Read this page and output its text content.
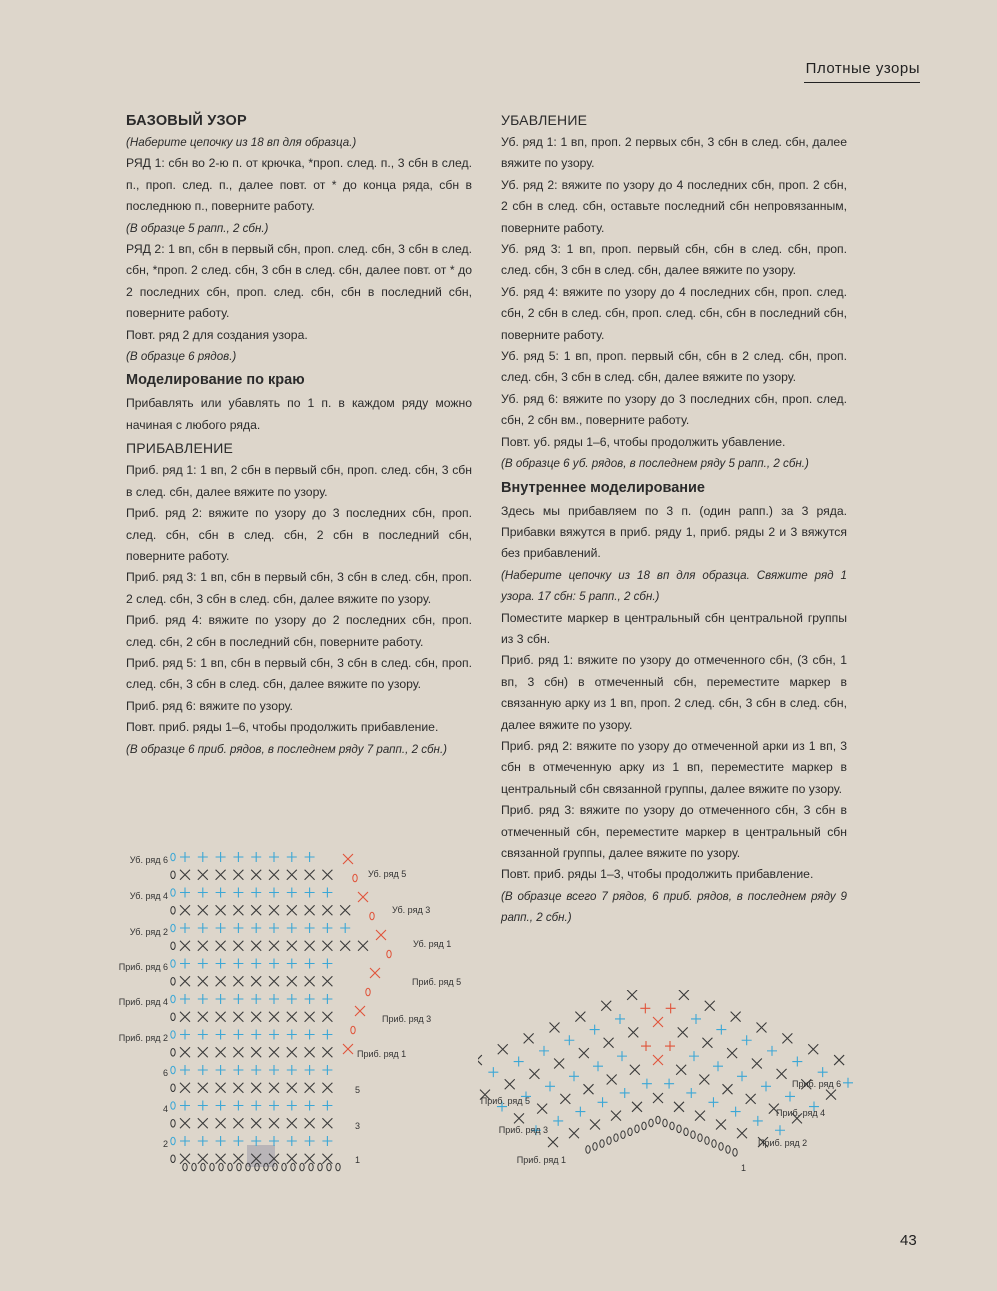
Плотные узоры

БАЗОВЫЙ УЗОР

(Наберите цепочку из 18 вп для образца.)

РЯД 1: сбн во 2-ю п. от крючка, *проп. след. п., 3 сбн в след. п., проп. след. п., далее повт. от * до конца ряда, сбн в последнюю п., поверните работу.

(В образце 5 рапп., 2 сбн.)

РЯД 2: 1 вп, сбн в первый сбн, проп. след. сбн, 3 сбн в след. сбн, *проп. 2 след. сбн, 3 сбн в след. сбн, далее повт. от * до 2 последних сбн, проп. след. сбн, сбн в последний сбн, поверните работу.

Повт. ряд 2 для создания узора.

(В образце 6 рядов.)

Моделирование по краю

Прибавлять или убавлять по 1 п. в каждом ряду можно начиная с любого ряда.

ПРИБАВЛЕНИЕ

Приб. ряд 1: 1 вп, 2 сбн в первый сбн, проп. след. сбн, 3 сбн в след. сбн, далее вяжите по узору.

Приб. ряд 2: вяжите по узору до 3 последних сбн, проп. след. сбн, сбн в след. сбн, 2 сбн в последний сбн, поверните работу.

Приб. ряд 3: 1 вп, сбн в первый сбн, 3 сбн в след. сбн, проп. 2 след. сбн, 3 сбн в след. сбн, далее вяжите по узору.

Приб. ряд 4: вяжите по узору до 2 последних сбн, проп. след. сбн, 2 сбн в последний сбн, поверните работу.

Приб. ряд 5: 1 вп, сбн в первый сбн, 3 сбн в след. сбн, проп. след. сбн, 3 сбн в след. сбн, далее вяжите по узору.

Приб. ряд 6: вяжите по узору.

Повт. приб. ряды 1–6, чтобы продолжить прибавление.

(В образце 6 приб. рядов, в последнем ряду 7 рапп., 2 сбн.)

УБАВЛЕНИЕ

Уб. ряд 1: 1 вп, проп. 2 первых сбн, 3 сбн в след. сбн, далее вяжите по узору.

Уб. ряд 2: вяжите по узору до 4 последних сбн, проп. 2 сбн, 2 сбн в след. сбн, оставьте последний сбн непровязанным, поверните работу.

Уб. ряд 3: 1 вп, проп. первый сбн, сбн в след. сбн, проп. след. сбн, 3 сбн в след. сбн, далее вяжите по узору.

Уб. ряд 4: вяжите по узору до 4 последних сбн, проп. след. сбн, 2 сбн в след. сбн, проп. след. сбн, сбн в последний сбн, поверните работу.

Уб. ряд 5: 1 вп, проп. первый сбн, сбн в 2 след. сбн, проп. след. сбн, 3 сбн в след. сбн, далее вяжите по узору.

Уб. ряд 6: вяжите по узору до 3 последних сбн, проп. след. сбн, 2 сбн вм., поверните работу.

Повт. уб. ряды 1–6, чтобы продолжить убавление.

(В образце 6 уб. рядов, в последнем ряду 5 рапп., 2 сбн.)

Внутреннее моделирование

Здесь мы прибавляем по 3 п. (один рапп.) за 3 ряда. Прибавки вяжутся в приб. ряду 1, приб. ряды 2 и 3 вяжутся без прибавлений.

(Наберите цепочку из 18 вп для образца. Свяжите ряд 1 узора. 17 сбн: 5 рапп., 2 сбн.)

Поместите маркер в центральный сбн центральной группы из 3 сбн.

Приб. ряд 1: вяжите по узору до отмеченного сбн, (3 сбн, 1 вп, 3 сбн) в отмеченный сбн, переместите маркер в связанную арку из 1 вп, проп. 2 след. сбн, 3 сбн в след. сбн, далее вяжите по узору.

Приб. ряд 2: вяжите по узору до отмеченной арки из 1 вп, 3 сбн в отмеченную арку из 1 вп, переместите маркер в центральный сбн связанной группы, далее вяжите по узору.

Приб. ряд 3: вяжите по узору до отмеченного сбн, 3 сбн в отмеченный сбн, переместите маркер в центральный сбн связанной группы, далее вяжите по узору.

Повт. приб. ряды 1–3, чтобы продолжить прибавление.

(В образце всего 7 рядов, 6 приб. рядов, в последнем ряду 9 рапп., 2 сбн.)

Уб. ряд 6
Уб. ряд 4
Уб. ряд 2
Приб. ряд 6
Приб. ряд 4
Приб. ряд 2
6
4
2
Уб. ряд 5
Уб. ряд 3
Уб. ряд 1
Приб. ряд 5
Приб. ряд 3
Приб. ряд 1
5
3
1
Приб. ряд 5
Приб. ряд 3
Приб. ряд 1
Приб. ряд 6
Приб. ряд 4
Приб. ряд 2
1
43
